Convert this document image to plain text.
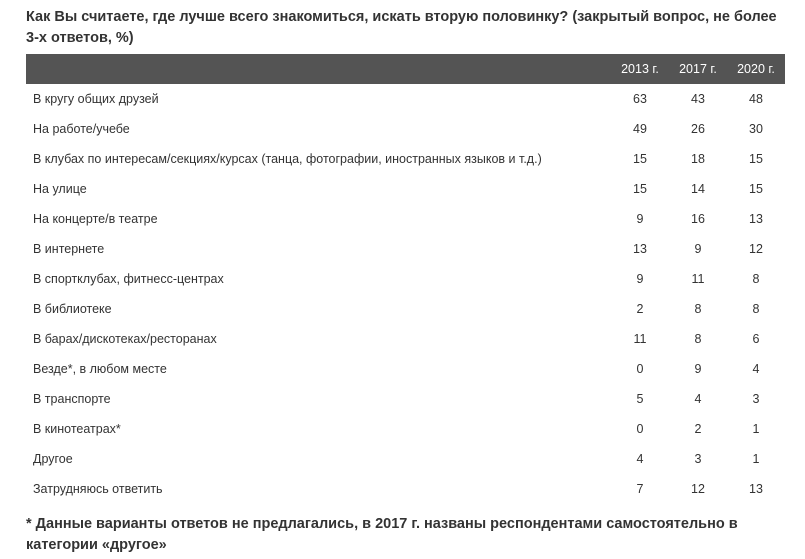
Как Вы считаете, где лучше всего знакомиться, искать вторую половинку? (закрытый вопрос, не более 3-х ответов, %)
	2013 г.	2017 г.	2020 г.
В кругу общих друзей	63	43	48
На работе/учебе	49	26	30
В клубах по интересам/секциях/курсах (танца, фотографии, иностранных языков и т.д.)	15	18	15
На улице	15	14	15
На концерте/в театре	9	16	13
В интернете	13	9	12
В спортклубах, фитнесс-центрах	9	11	8
В библиотеке	2	8	8
В барах/дискотеках/ресторанах	11	8	6
Везде*, в любом месте	0	9	4
В транспорте	5	4	3
В кинотеатрах*	0	2	1
Другое	4	3	1
Затрудняюсь ответить	7	12	13
* Данные варианты ответов не предлагались, в 2017 г. названы респондентами самостоятельно в категории «другое»
